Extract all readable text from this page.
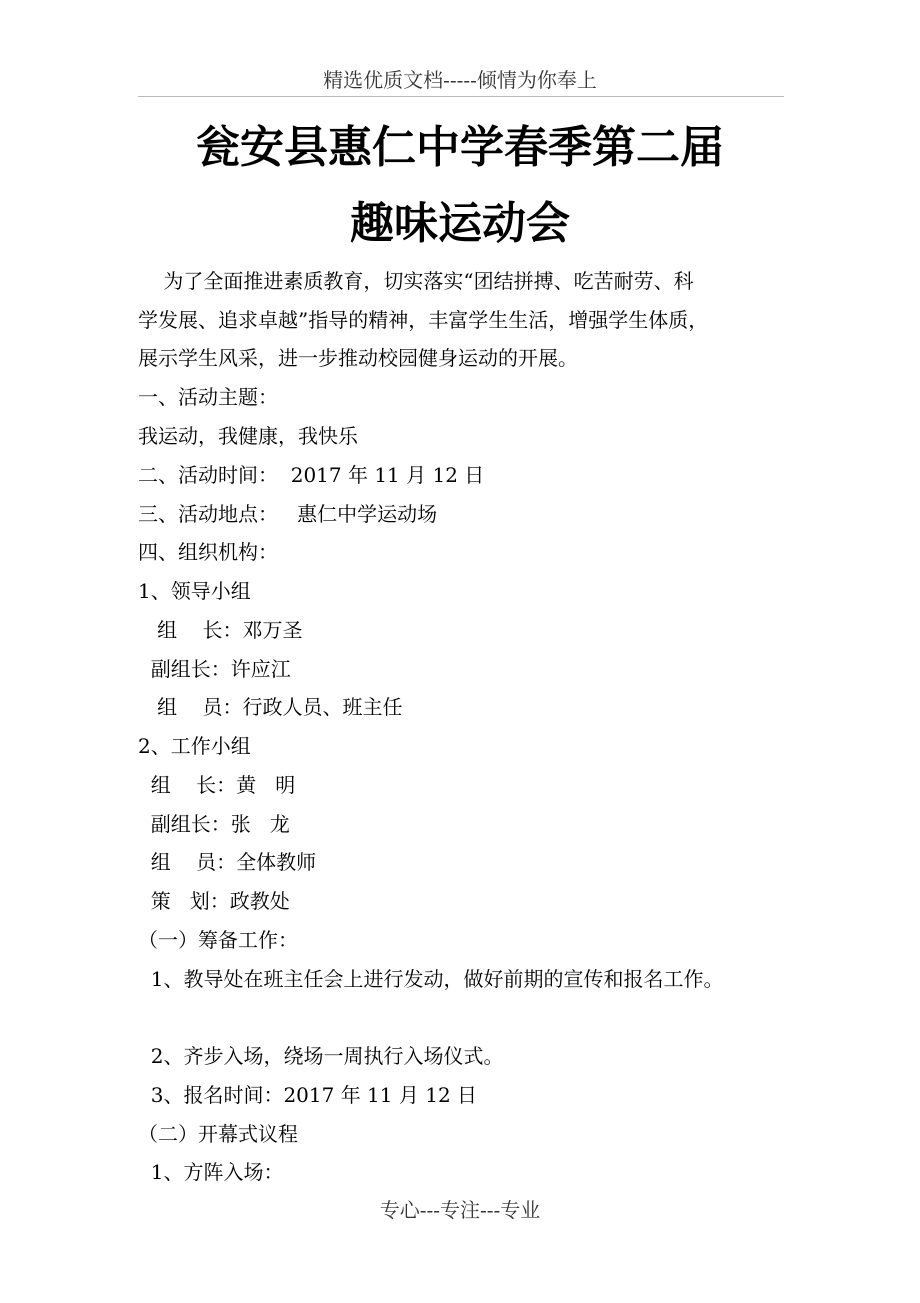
精选优质文档-----倾情为你奉上
瓮安县惠仁中学春季第二届
趣味运动会
为了全面推进素质教育，切实落实“团结拼搏、吃苦耐劳、科
学发展、追求卓越”指导的精神，丰富学生生活，增强学生体质，
展示学生风采，进一步推动校园健身运动的开展。
一、活动主题：
我运动，我健康，我快乐
二、活动时间：  2017 年 11 月 12 日
三、活动地点：   惠仁中学运动场
四、组织机构：
1、领导小组
组    长：邓万圣
副组长：许应江
组    员：行政人员、班主任
2、工作小组
组    长：黄   明
副组长：张   龙
组    员：全体教师
策   划：政教处
（一）筹备工作：
1、教导处在班主任会上进行发动，做好前期的宣传和报名工作。
2、齐步入场，绕场一周执行入场仪式。
3、报名时间：2017 年 11 月 12 日
（二）开幕式议程
1、方阵入场：
专心---专注---专业
